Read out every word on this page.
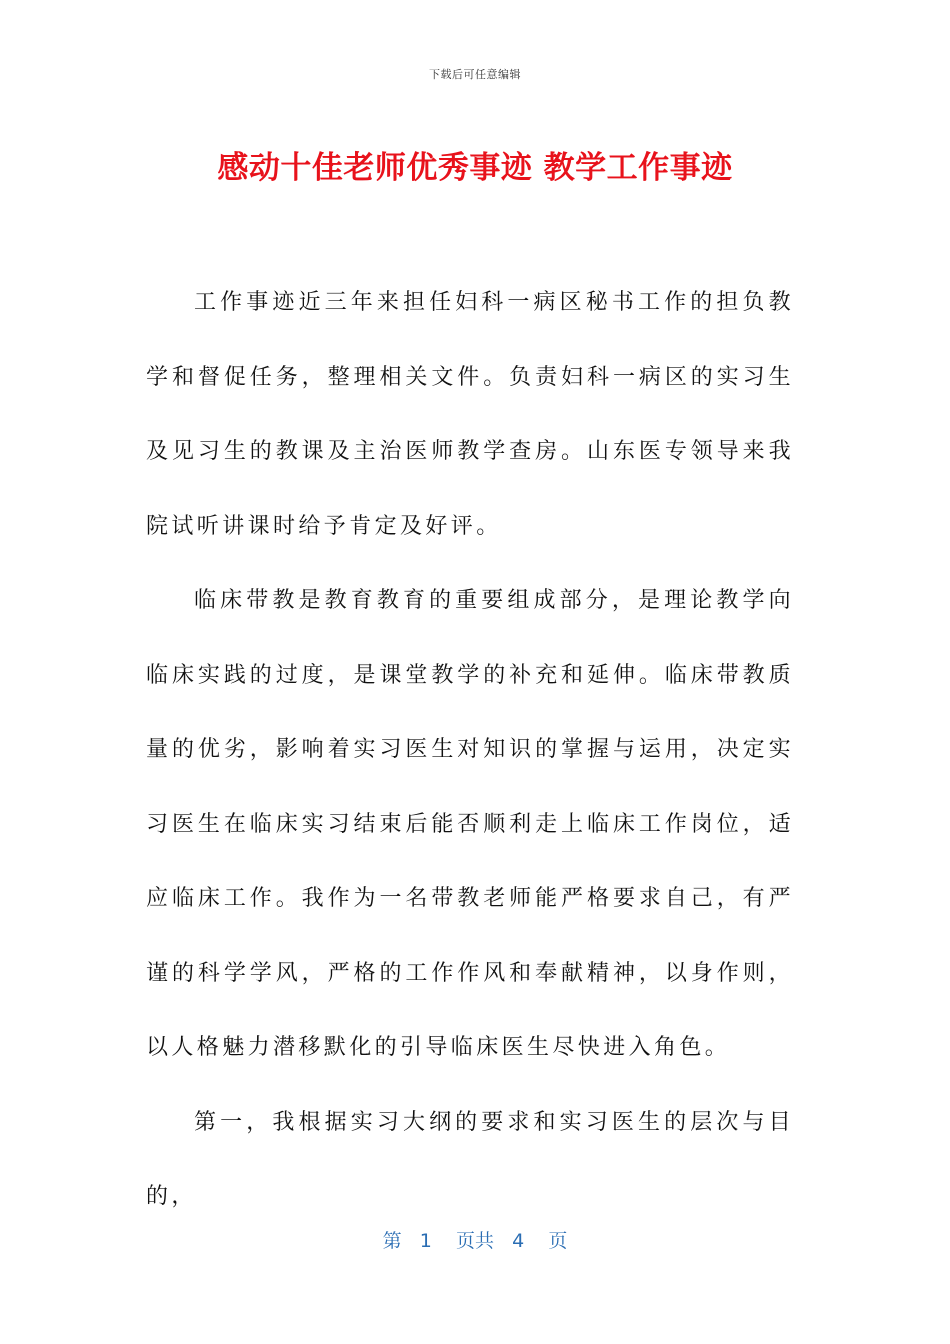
下载后可任意编辑
感动十佳老师优秀事迹 教学工作事迹

工作事迹近三年来担任妇科一病区秘书工作的担负教学和督促任务，整理相关文件。负责妇科一病区的实习生及见习生的教课及主治医师教学查房。山东医专领导来我院试听讲课时给予肯定及好评。

临床带教是教育教育的重要组成部分，是理论教学向临床实践的过度，是课堂教学的补充和延伸。临床带教质量的优劣，影响着实习医生对知识的掌握与运用，决定实习医生在临床实习结束后能否顺利走上临床工作岗位，适应临床工作。我作为一名带教老师能严格要求自己，有严谨的科学学风，严格的工作作风和奉献精神，以身作则，以人格魅力潜移默化的引导临床医生尽快进入角色。

第一，我根据实习大纲的要求和实习医生的层次与目的，

第 1 页共 4 页
